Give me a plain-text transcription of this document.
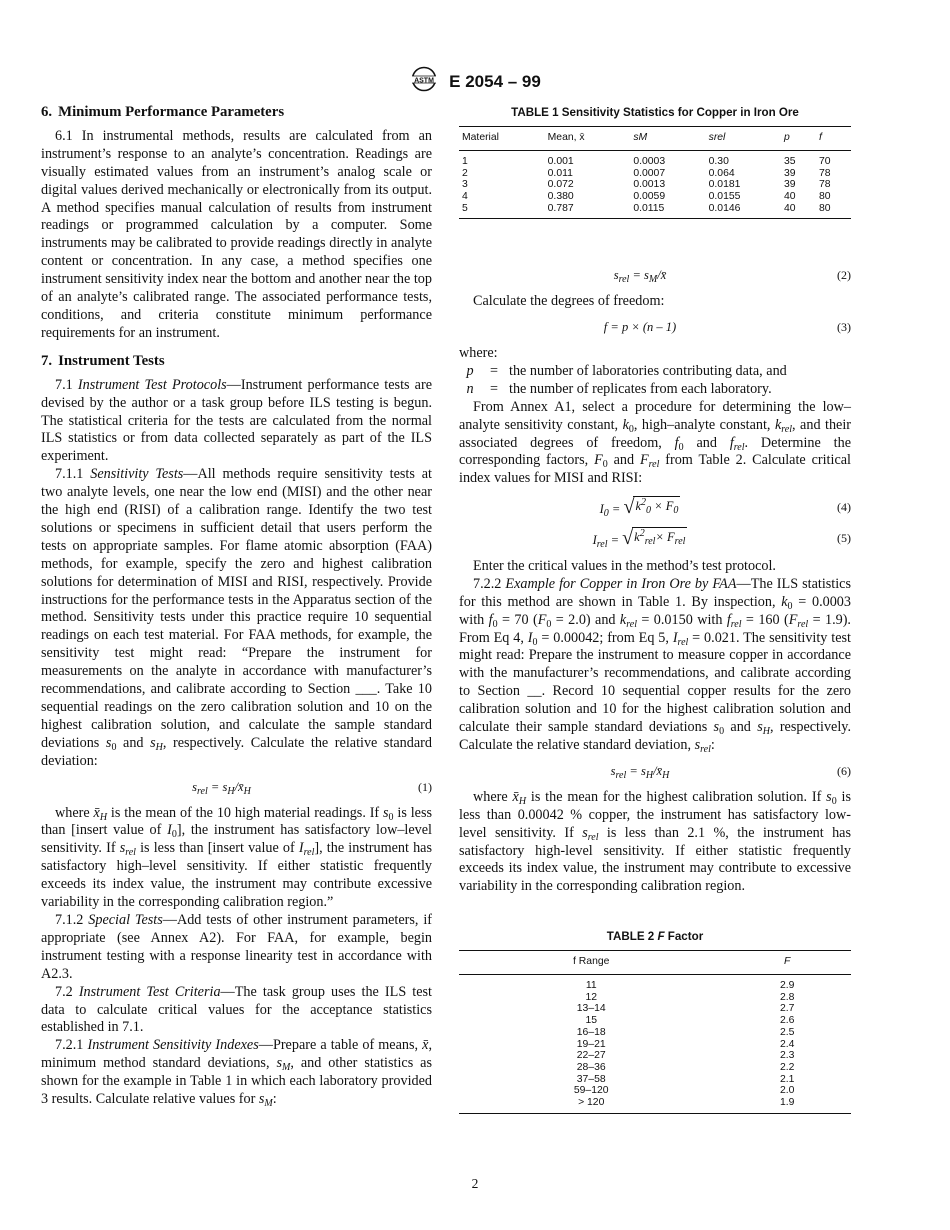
ASTM E 2054 – 99
6. Minimum Performance Parameters

6.1 In instrumental methods, results are calculated from an instrument’s response to an analyte’s concentration. Readings are visually estimated values from an instrument’s analog scale or digital values derived mechanically or electronically from its output. A method specifies manual calculation of results from instrument readings or programmed calculation by a computer. Some instruments may be calibrated to provide readings directly in analyte content or concentration. In any case, a method specifies one instrument sensitivity index near the bottom and another near the top of an analyte’s calibrated range. The associated performance tests, conditions, and criteria constitute minimum performance requirements for an instrument.

7. Instrument Tests

7.1 Instrument Test Protocols—Instrument performance tests are devised by the author or a task group before ILS testing is begun. The statistical criteria for the tests are calculated from the normal ILS statistics or from data collected separately as part of the ILS experiment.

7.1.1 Sensitivity Tests—All methods require sensitivity tests at two analyte levels, one near the low end (MISI) and the other near the high end (RISI) of a calibration range. Identify the two test solutions or specimens in sufficient detail that users perform the tests on appropriate samples. For flame atomic absorption (FAA) methods, for example, specify the zero and highest calibration solutions for determination of MISI and RISI, respectively. Provide instructions for the performance tests in the Apparatus section of the method. Sensitivity tests under this practice require 10 sequential readings on each test material. For FAA methods, for example, the sensitivity test might read: “Prepare the instrument for measurements on the analyte in accordance with manufacturer’s recommendations, and calibrate according to Section ___. Take 10 sequential readings on the zero calibration solution and 10 on the highest calibration solution, and calculate the sample standard deviations $s_0$ and $s_H$, respectively. Calculate the relative standard deviation:

$s_{rel}$ = $s_H/x̄_H$	(1)

where $x̄_H$ is the mean of the 10 high material readings. If $s_0$ is less than [insert value of $I_0$], the instrument has satisfactory low–level sensitivity. If $s_{rel}$ is less than [insert value of $I_{rel}$], the instrument has satisfactory high–level sensitivity. If either statistic frequently exceeds its index value, the instrument may contribute excessive variability in the corresponding calibration region.”

7.1.2 Special Tests—Add tests of other instrument parameters, if appropriate (see Annex A2). For FAA, for example, begin instrument testing with a response linearity test in accordance with A2.3.

7.2 Instrument Test Criteria—The task group uses the ILS test data to calculate critical values for the acceptance statistics established in 7.1.

7.2.1 Instrument Sensitivity Indexes—Prepare a table of means, x̄, minimum method standard deviations, $s_M$, and other statistics as shown for the example in Table 1 in which each laboratory provided 3 results. Calculate relative values for $s_M$:

TABLE 1 Sensitivity Statistics for Copper in Iron Ore
Material	Mean, x̄	sM	srel	p	f
1	0.001	0.0003	0.30	35	70
2	0.011	0.0007	0.064	39	78
3	0.072	0.0013	0.0181	39	78
4	0.380	0.0059	0.0155	40	80
5	0.787	0.0115	0.0146	40	80
$s_{rel}$ = $s_M/x̄$	(2)

Calculate the degrees of freedom:

f = p × (n – 1)	(3)

where:

p	= the number of laboratories contributing data, and
n	= the number of replicates from each laboratory.

From Annex A1, select a procedure for determining the low–analyte sensitivity constant, $k_0$, high–analyte constant, $k_{rel}$, and their associated degrees of freedom, $f_0$ and $f_{rel}$. Determine the corresponding factors, $F_0$ and $F_{rel}$ from Table 2. Calculate critical index values for MISI and RISI:

$I_0$ = √ $k^2_0 \times F_0$	(4)
$I_{rel}$ = √ $k^2_{rel}\times F_{rel}$	(5)

Enter the critical values in the method’s test protocol.

7.2.2 Example for Copper in Iron Ore by FAA—The ILS statistics for this method are shown in Table 1. By inspection, $k_0 = 0.0003$ with $f_0 = 70$ $(F_0 = 2.0)$ and $k_{rel} = 0.0150$ with $f_{rel} = 160$ $(F_{rel} = 1.9)$. From Eq 4, $I_0 = 0.00042$; from Eq 5, $I_{rel} = 0.021$. The sensitivity test might read: Prepare the instrument to measure copper in accordance with the manufacturer’s recommendations, and calibrate according to Section __. Record 10 sequential copper results for the zero calibration solution and 10 for the highest calibration solution and calculate their sample standard deviations $s_0$ and $s_H$, respectively. Calculate the relative standard deviation, $s_{rel}$:

$s_{rel}$ = $s_H/x̄_H$	(6)

where $x̄_H$ is the mean for the highest calibration solution. If $s_0$ is less than 0.00042 % copper, the instrument has satisfactory low-level sensitivity. If $s_{rel}$ is less than 2.1 %, the instrument has satisfactory high-level sensitivity. If either statistic frequently exceeds its index value, the instrument may contribute to excessive variability in the corresponding calibration region.

TABLE 2 F Factor
f Range	F
11	2.9
12	2.8
13–14	2.7
15	2.6
16–18	2.5
19–21	2.4
22–27	2.3
28–36	2.2
37–58	2.1
59–120	2.0
> 120	1.9
2
